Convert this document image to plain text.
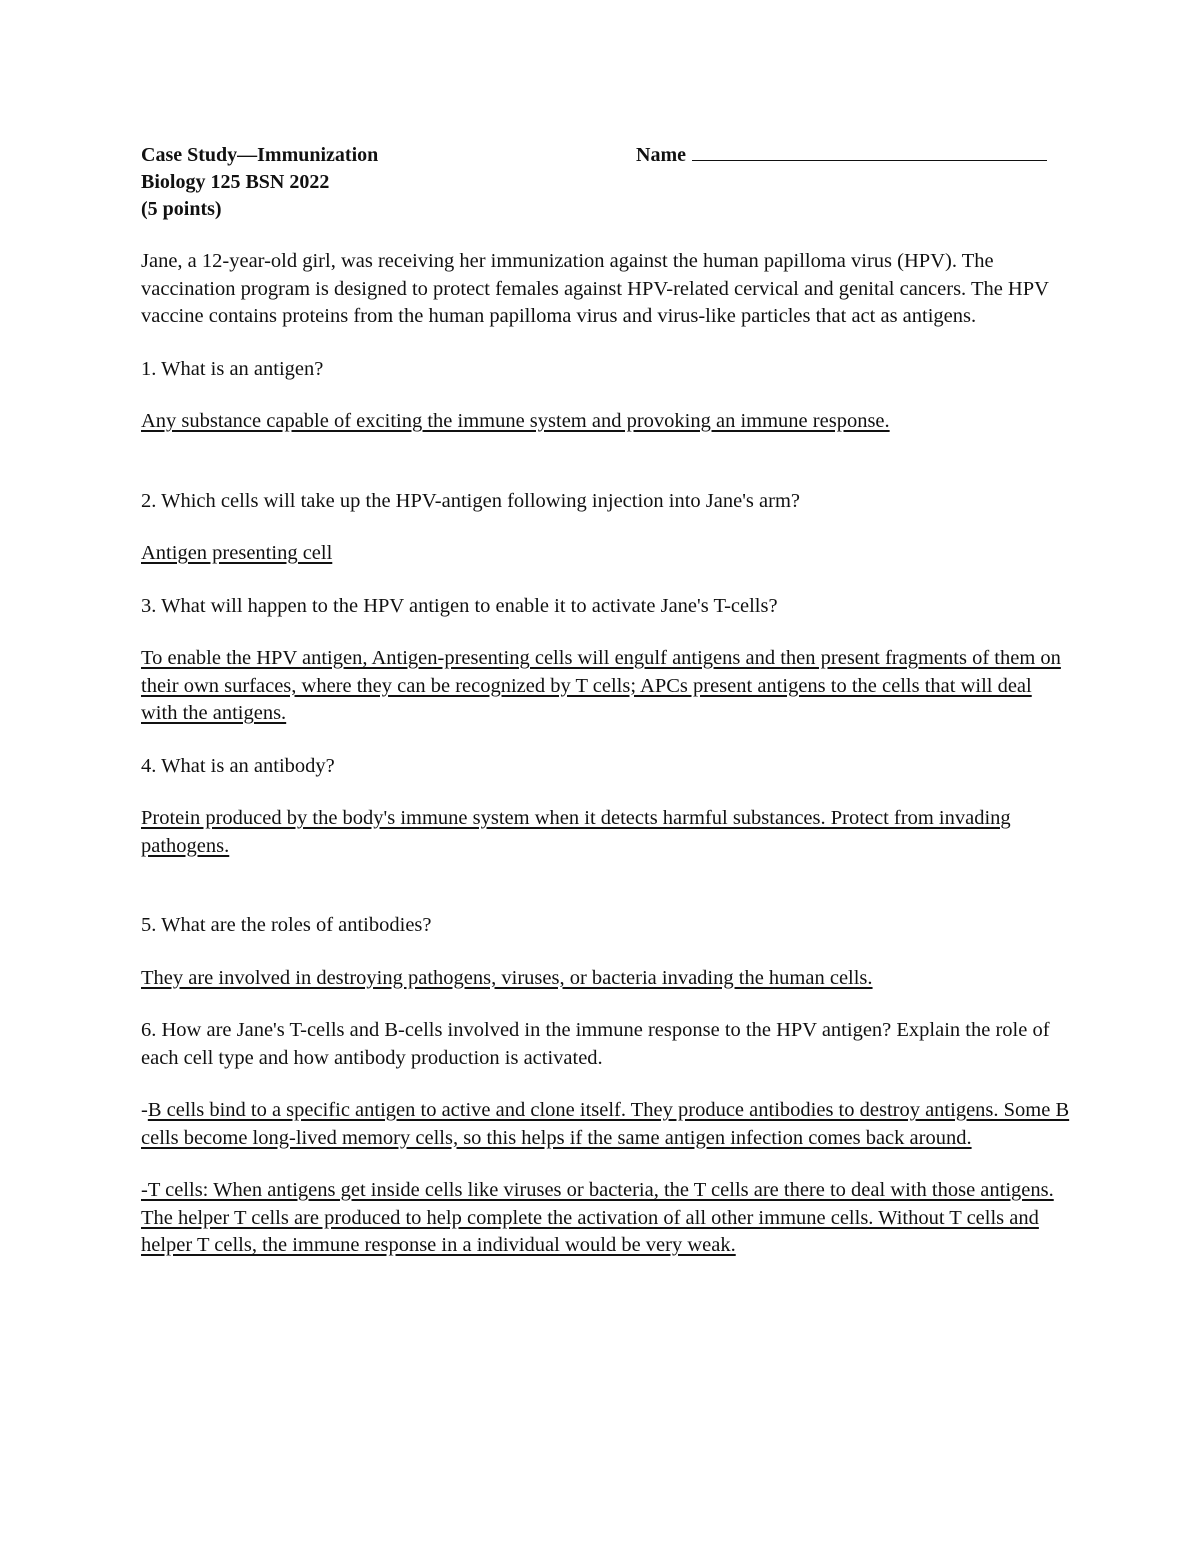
Case Study—Immunization
Biology 125 BSN 2022
(5 points)
Name

Jane, a 12-year-old girl, was receiving her immunization against the human papilloma virus (HPV). The vaccination program is designed to protect females against HPV-related cervical and genital cancers. The HPV vaccine contains proteins from the human papilloma virus and virus-like particles that act as antigens.

1. What is an antigen?

Any substance capable of exciting the immune system and provoking an immune response.

2. Which cells will take up the HPV-antigen following injection into Jane's arm?

Antigen presenting cell

3. What will happen to the HPV antigen to enable it to activate Jane's T-cells?

To enable the HPV antigen, Antigen-presenting cells will engulf antigens and then present fragments of them on their own surfaces, where they can be recognized by T cells; APCs present antigens to the cells that will deal with the antigens.

4. What is an antibody?

Protein produced by the body's immune system when it detects harmful substances. Protect from invading pathogens.

5. What are the roles of antibodies?

They are involved in destroying pathogens, viruses, or bacteria invading the human cells.

6. How are Jane's T-cells and B-cells involved in the immune response to the HPV antigen? Explain the role of each cell type and how antibody production is activated.

-B cells bind to a specific antigen to active and clone itself. They produce antibodies to destroy antigens. Some B cells become long-lived memory cells, so this helps if the same antigen infection comes back around.

-T cells: When antigens get inside cells like viruses or bacteria, the T cells are there to deal with those antigens. The helper T cells are produced to help complete the activation of all other immune cells. Without T cells and helper T cells, the immune response in a individual would be very weak.
